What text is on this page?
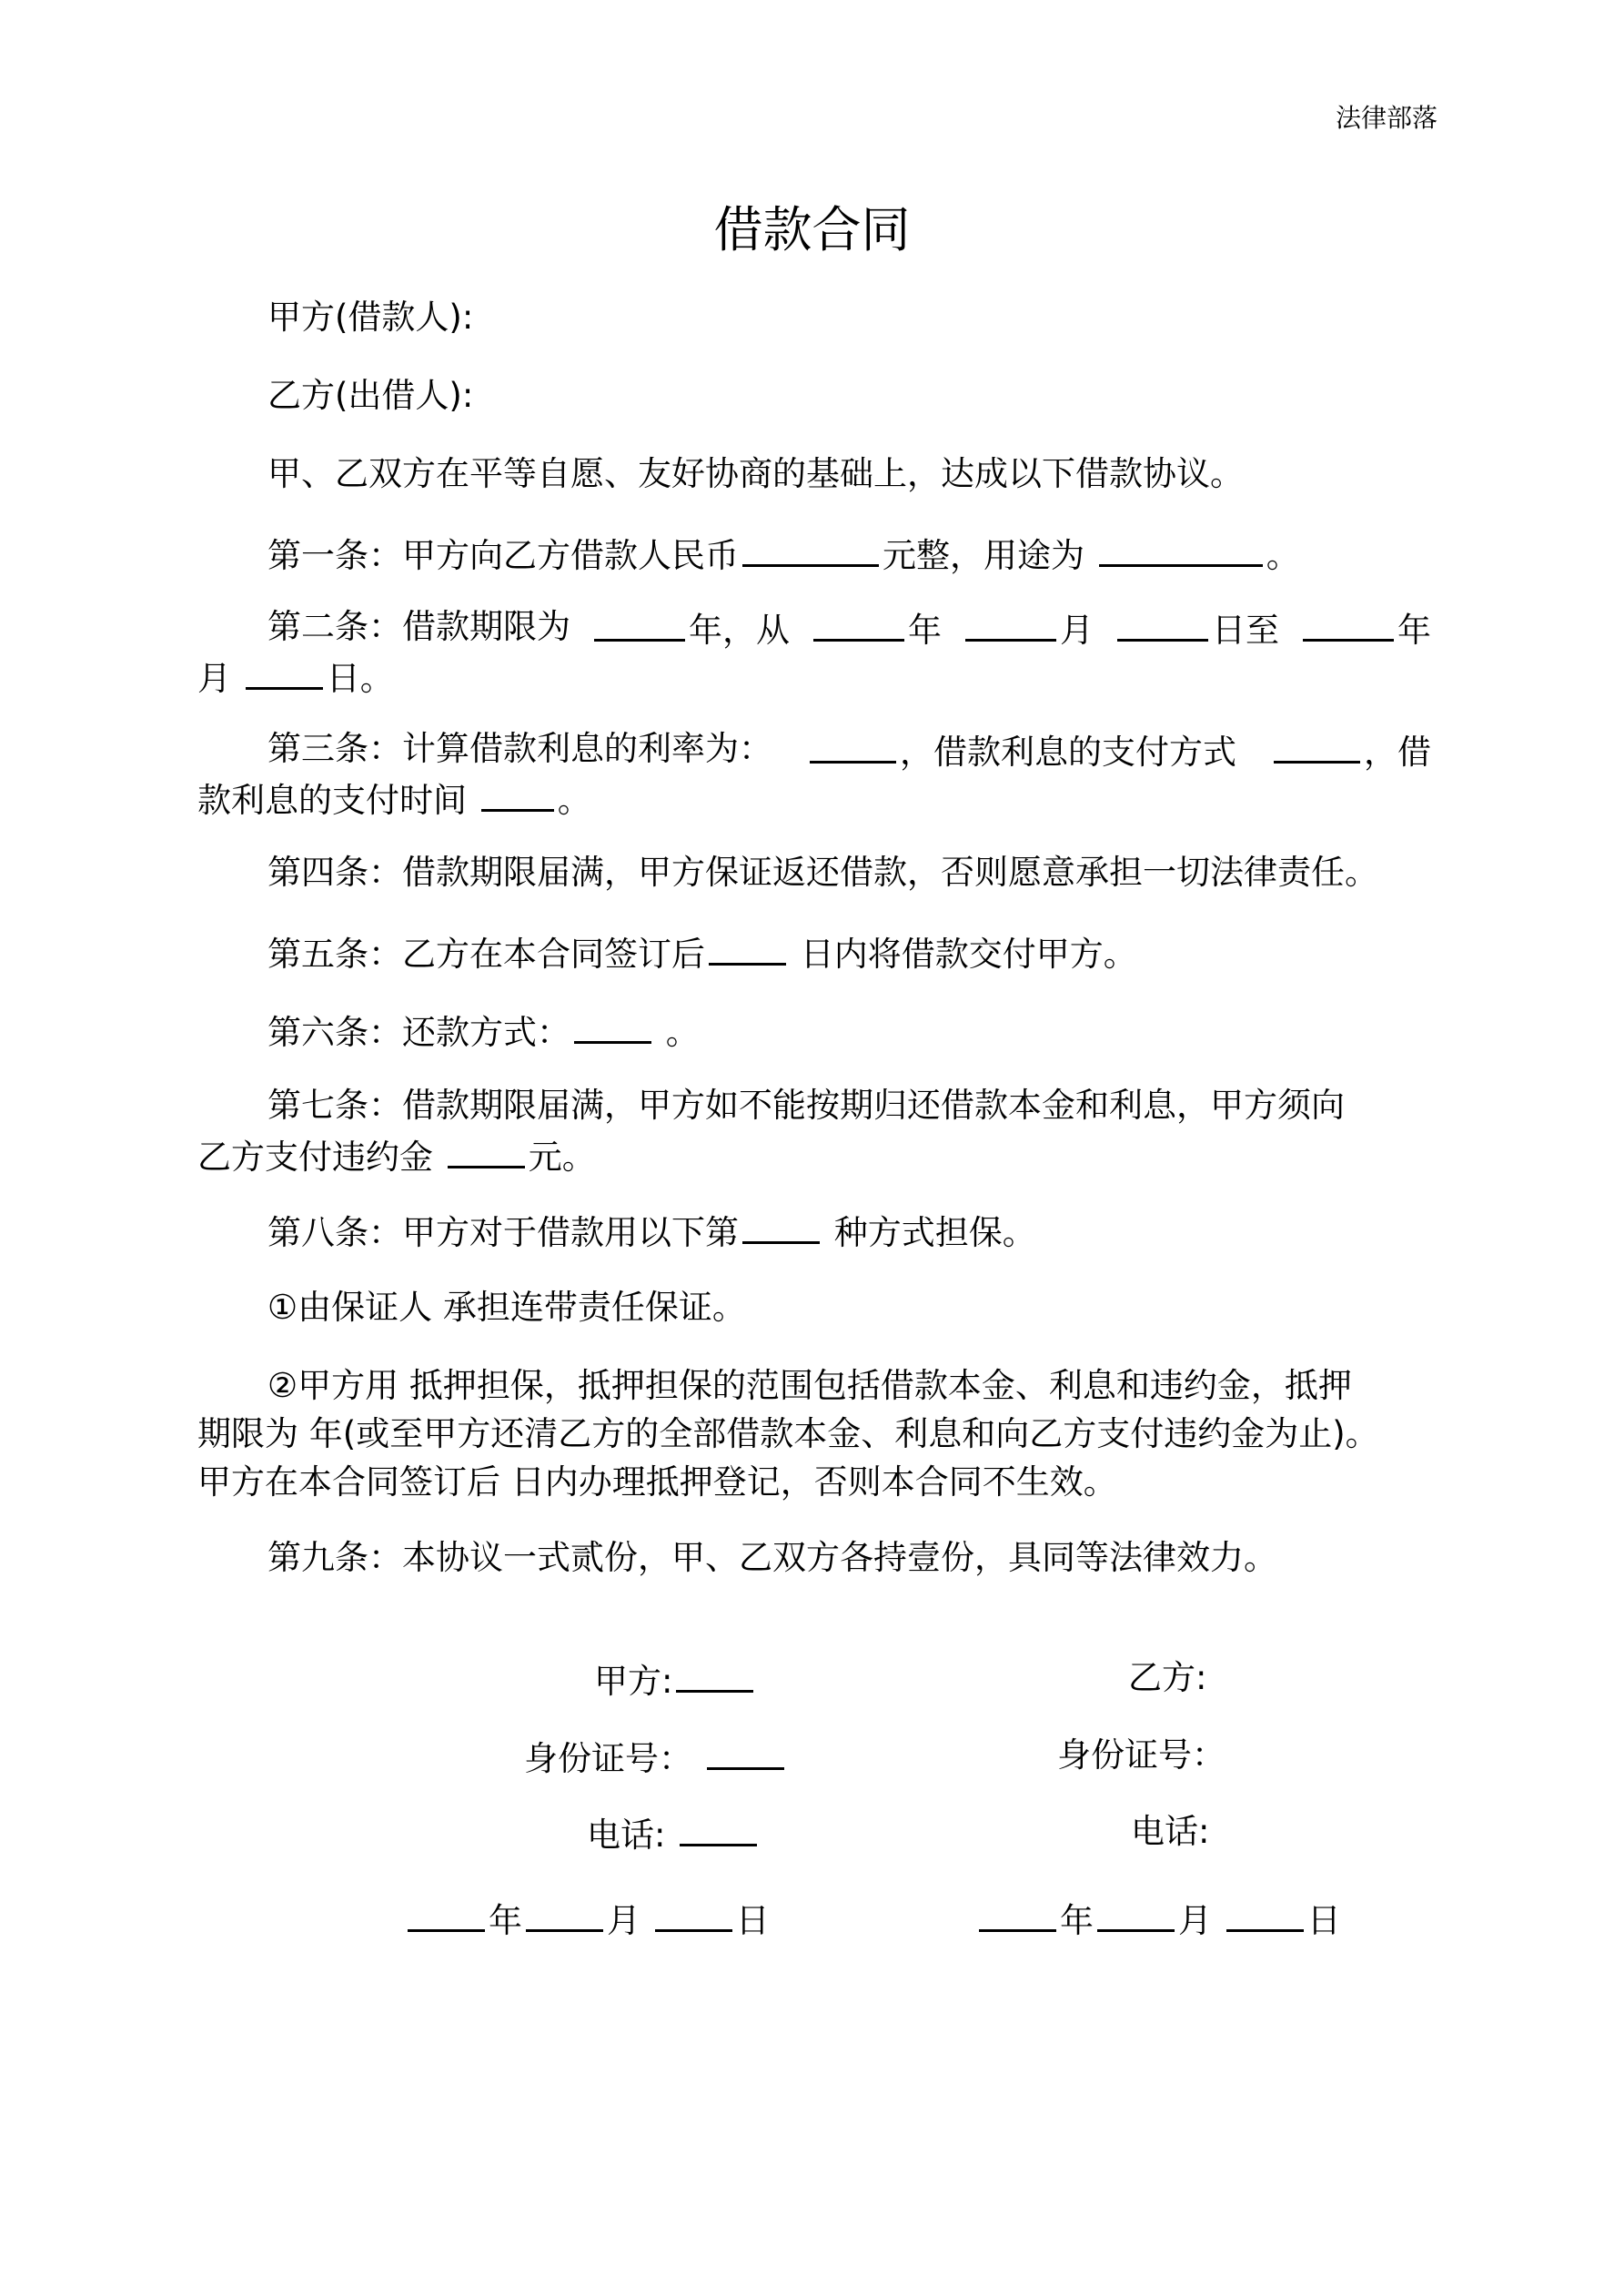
法律部落
借款合同
甲方(借款人):
乙方(出借人):
甲、乙双方在平等自愿、友好协商的基础上，达成以下借款协议。
第一条：甲方向乙方借款人民币	元整，用途为	。
第二条：借款期限为	年，从	年	月	日至	年
月	日。
第三条：计算借款利息的利率为：	，借款利息的支付方式	，借
款利息的支付时间	。
第四条：借款期限届满，甲方保证返还借款，否则愿意承担一切法律责任。
第五条：乙方在本合同签订后	日内将借款交付甲方。
第六条：还款方式：	。
第七条：借款期限届满，甲方如不能按期归还借款本金和利息，甲方须向
乙方支付违约金	元。
第八条：甲方对于借款用以下第	种方式担保。
①由保证人 承担连带责任保证。
②甲方用 抵押担保，抵押担保的范围包括借款本金、利息和违约金，抵押
期限为 年(或至甲方还清乙方的全部借款本金、利息和向乙方支付违约金为止)。
甲方在本合同签订后 日内办理抵押登记，否则本合同不生效。
第九条：本协议一式贰份，甲、乙双方各持壹份，具同等法律效力。
甲方:	乙方:
身份证号：	身份证号：
电话:	电话:
年	月	日	年	月	日
